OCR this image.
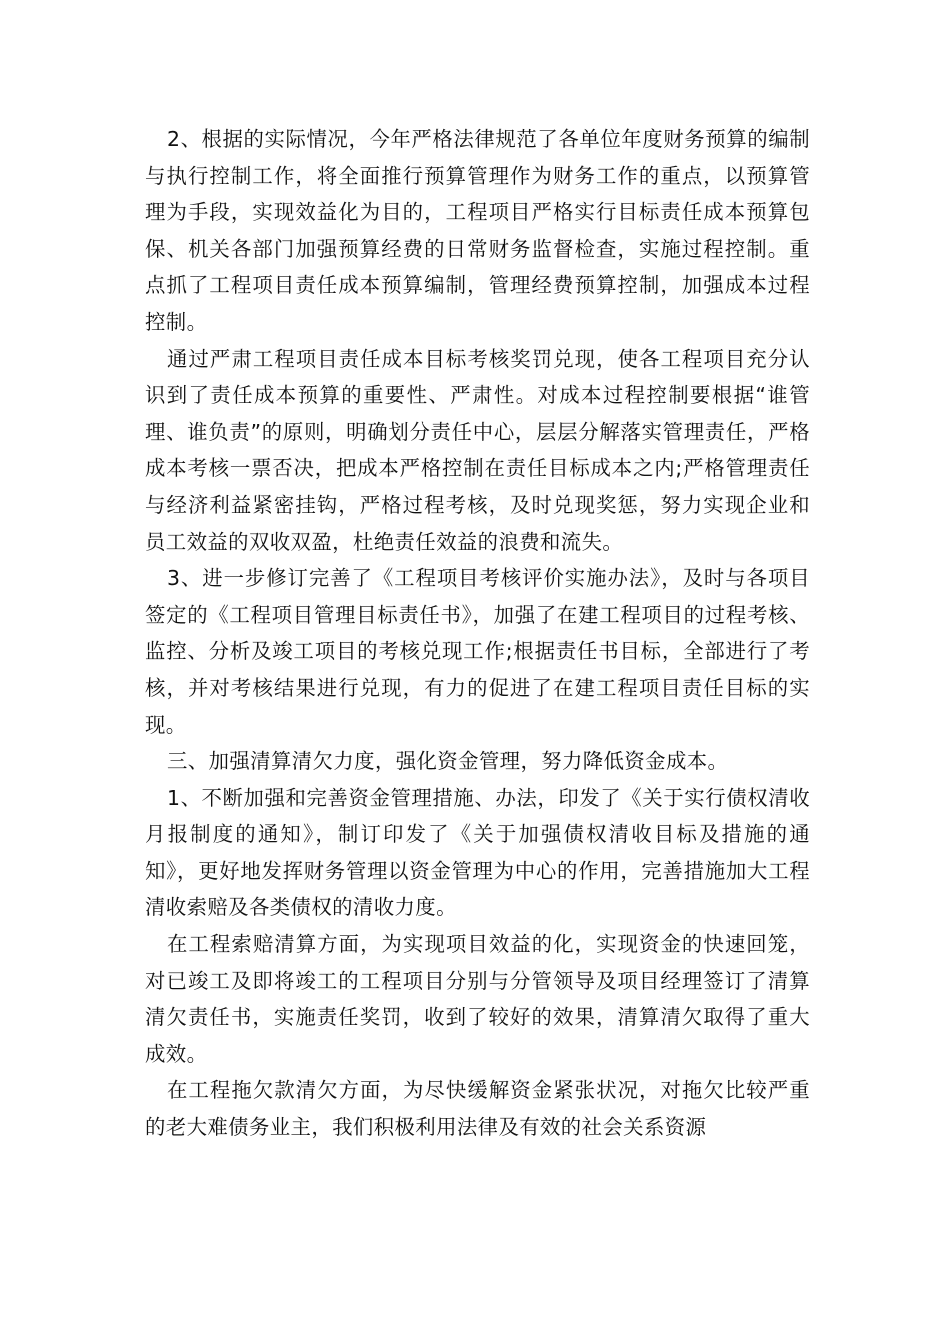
2、根据的实际情况，今年严格法律规范了各单位年度财务预算的编制与执行控制工作，将全面推行预算管理作为财务工作的重点，以预算管理为手段，实现效益化为目的，工程项目严格实行目标责任成本预算包保、机关各部门加强预算经费的日常财务监督检查，实施过程控制。重点抓了工程项目责任成本预算编制，管理经费预算控制，加强成本过程控制。

通过严肃工程项目责任成本目标考核奖罚兑现，使各工程项目充分认识到了责任成本预算的重要性、严肃性。对成本过程控制要根据“谁管理、谁负责”的原则，明确划分责任中心，层层分解落实管理责任，严格成本考核一票否决，把成本严格控制在责任目标成本之内;严格管理责任与经济利益紧密挂钩，严格过程考核，及时兑现奖惩，努力实现企业和员工效益的双收双盈，杜绝责任效益的浪费和流失。

3、进一步修订完善了《工程项目考核评价实施办法》，及时与各项目签定的《工程项目管理目标责任书》，加强了在建工程项目的过程考核、监控、分析及竣工项目的考核兑现工作;根据责任书目标，全部进行了考核，并对考核结果进行兑现，有力的促进了在建工程项目责任目标的实现。

三、加强清算清欠力度，强化资金管理，努力降低资金成本。

1、不断加强和完善资金管理措施、办法，印发了《关于实行债权清收月报制度的通知》，制订印发了《关于加强债权清收目标及措施的通知》，更好地发挥财务管理以资金管理为中心的作用，完善措施加大工程清收索赔及各类债权的清收力度。

在工程索赔清算方面，为实现项目效益的化，实现资金的快速回笼，对已竣工及即将竣工的工程项目分别与分管领导及项目经理签订了清算清欠责任书，实施责任奖罚，收到了较好的效果，清算清欠取得了重大成效。

在工程拖欠款清欠方面，为尽快缓解资金紧张状况，对拖欠比较严重的老大难债务业主，我们积极利用法律及有效的社会关系资源
